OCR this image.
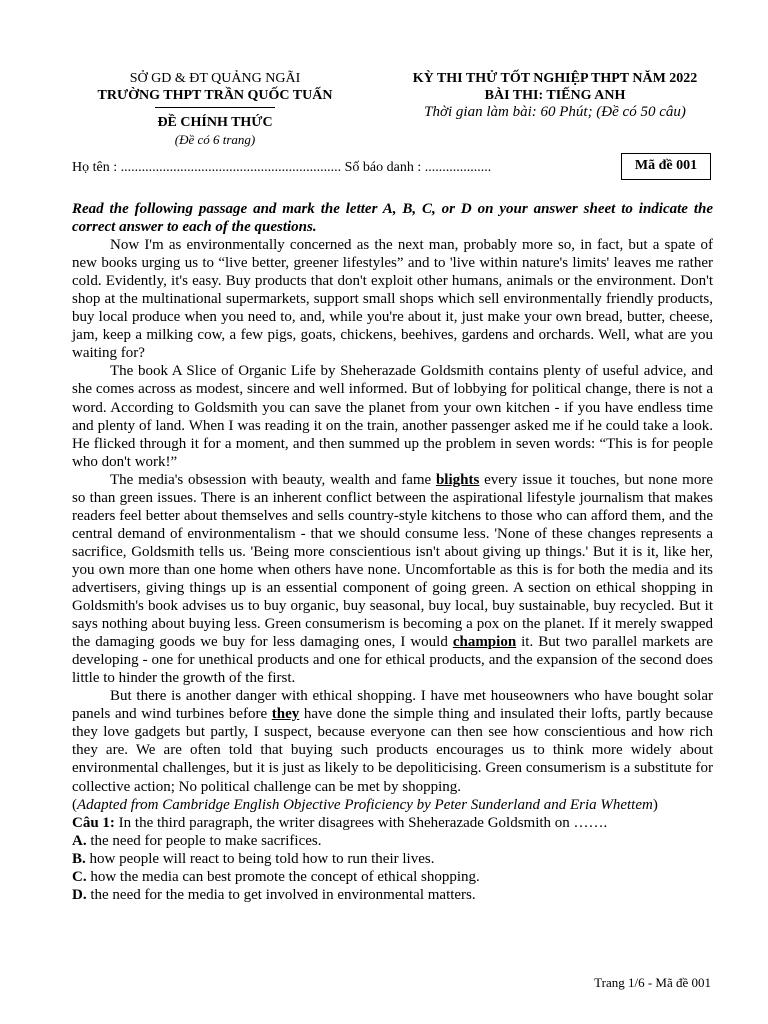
SỞ GD & ĐT QUẢNG NGÃI
TRƯỜNG THPT TRẦN QUỐC TUẤN
ĐỀ CHÍNH THỨC
(Đề có 6 trang)
KỲ THI THỬ TỐT NGHIỆP THPT NĂM 2022
BÀI THI: TIẾNG ANH
Thời gian làm bài: 60 Phút; (Đề có 50 câu)
Họ tên : ............................................................... Số báo danh : ...................	Mã đề 001

Read the following passage and mark the letter A, B, C, or D on your answer sheet to indicate the correct answer to each of the questions.

Now I'm as environmentally concerned as the next man, probably more so, in fact, but a spate of new books urging us to “live better, greener lifestyles” and to 'live within nature's limits' leaves me rather cold. Evidently, it's easy. Buy products that don't exploit other humans, animals or the environment. Don't shop at the multinational supermarkets, support small shops which sell environmentally friendly products, buy local produce when you need to, and, while you're about it, just make your own bread, butter, cheese, jam, keep a milking cow, a few pigs, goats, chickens, beehives, gardens and orchards. Well, what are you waiting for?

The book A Slice of Organic Life by Sheherazade Goldsmith contains plenty of useful advice, and she comes across as modest, sincere and well informed. But of lobbying for political change, there is not a word. According to Goldsmith you can save the planet from your own kitchen - if you have endless time and plenty of land. When I was reading it on the train, another passenger asked me if he could take a look. He flicked through it for a moment, and then summed up the problem in seven words: “This is for people who don't work!”

The media's obsession with beauty, wealth and fame blights every issue it touches, but none more so than green issues. There is an inherent conflict between the aspirational lifestyle journalism that makes readers feel better about themselves and sells country-style kitchens to those who can afford them, and the central demand of environmentalism - that we should consume less. 'None of these changes represents a sacrifice, Goldsmith tells us. 'Being more conscientious isn't about giving up things.' But it is it, like her, you own more than one home when others have none. Uncomfortable as this is for both the media and its advertisers, giving things up is an essential component of going green. A section on ethical shopping in Goldsmith's book advises us to buy organic, buy seasonal, buy local, buy sustainable, buy recycled. But it says nothing about buying less. Green consumerism is becoming a pox on the planet. If it merely swapped the damaging goods we buy for less damaging ones, I would champion it. But two parallel markets are developing - one for unethical products and one for ethical products, and the expansion of the second does little to hinder the growth of the first.

But there is another danger with ethical shopping. I have met houseowners who have bought solar panels and wind turbines before they have done the simple thing and insulated their lofts, partly because they love gadgets but partly, I suspect, because everyone can then see how conscientious and how rich they are. We are often told that buying such products encourages us to think more widely about environmental challenges, but it is just as likely to be depoliticising. Green consumerism is a substitute for collective action; No political challenge can be met by shopping.

(Adapted from Cambridge English Objective Proficiency by Peter Sunderland and Eria Whettem)

Câu 1: In the third paragraph, the writer disagrees with Sheherazade Goldsmith on …….

A. the need for people to make sacrifices.

B. how people will react to being told how to run their lives.

C. how the media can best promote the concept of ethical shopping.

D. the need for the media to get involved in environmental matters.

Trang 1/6 - Mã đề 001
